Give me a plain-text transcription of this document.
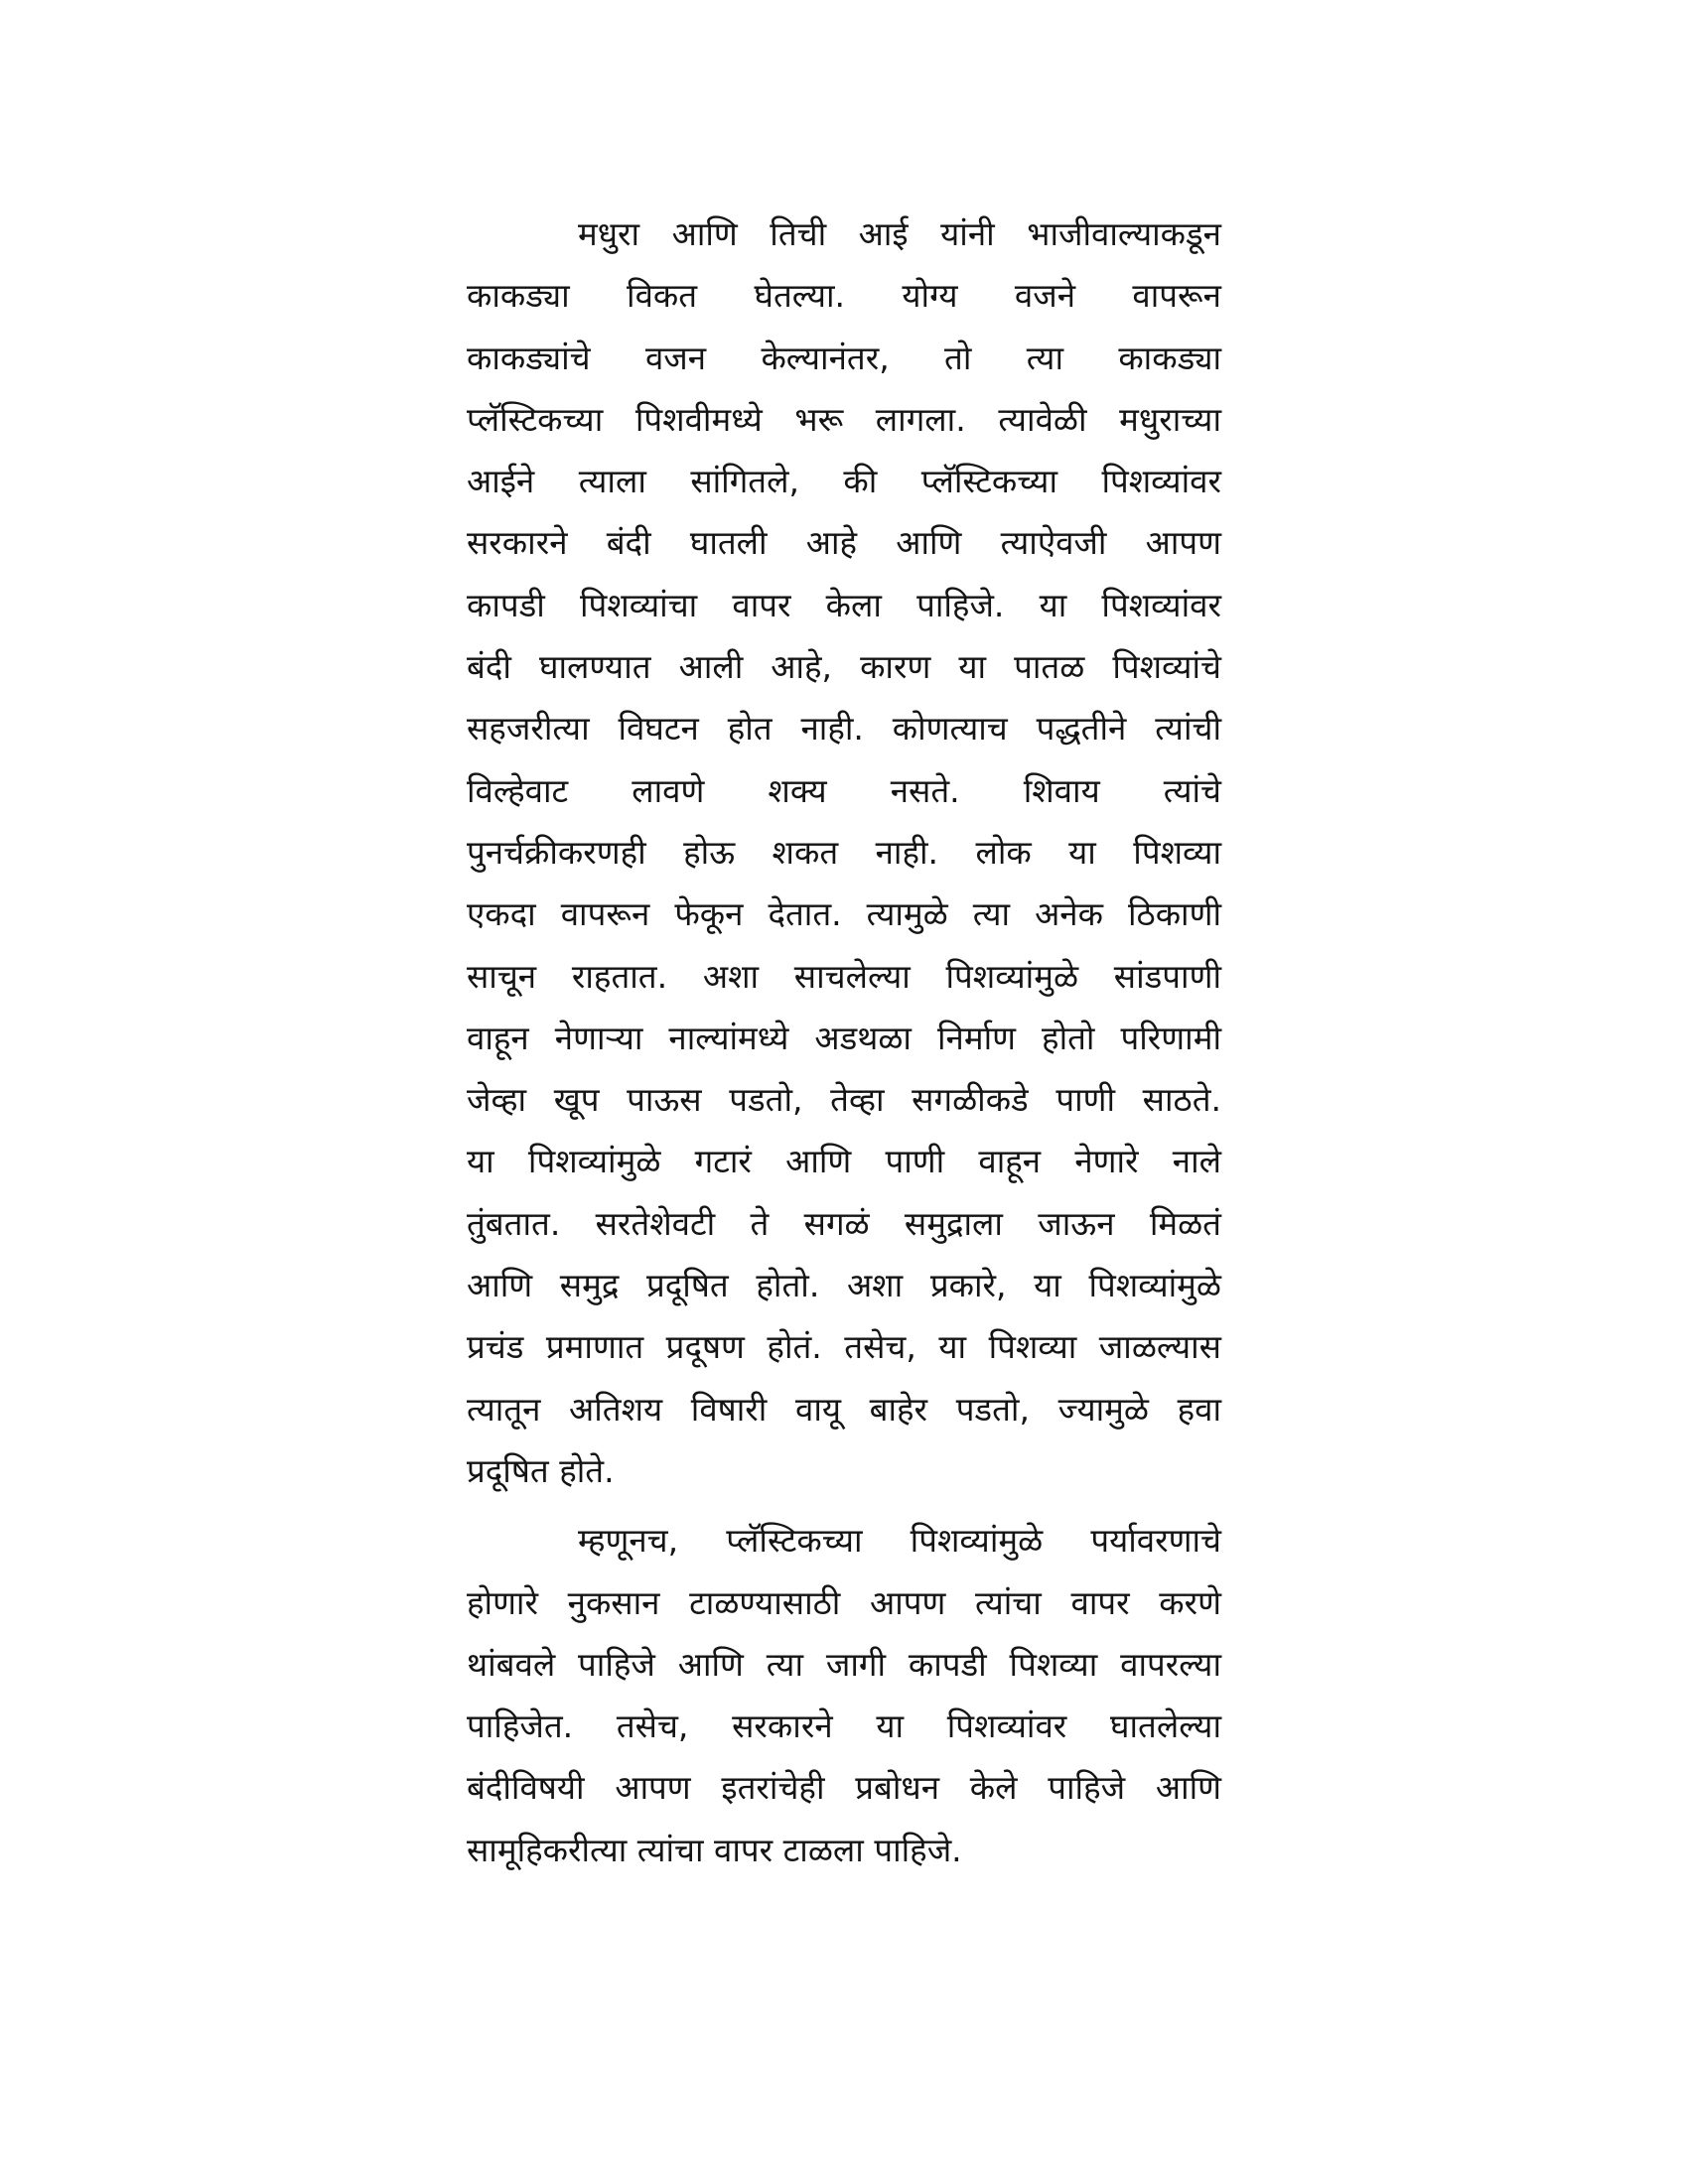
मधुरा आणि तिची आई यांनी भाजीवाल्याकडून
काकड्या विकत घेतल्या. योग्य वजने वापरून
काकड्यांचे वजन केल्यानंतर, तो त्या काकड्या
प्लॅस्टिकच्या पिशवीमध्ये भरू लागला. त्यावेळी मधुराच्या
आईने त्याला सांगितले, की प्लॅस्टिकच्या पिशव्यांवर
सरकारने बंदी घातली आहे आणि त्याऐवजी आपण
कापडी पिशव्यांचा वापर केला पाहिजे. या पिशव्यांवर
बंदी घालण्यात आली आहे, कारण या पातळ पिशव्यांचे
सहजरीत्या विघटन होत नाही. कोणत्याच पद्धतीने त्यांची
विल्हेवाट लावणे शक्य नसते. शिवाय त्यांचे
पुनर्चक्रीकरणही होऊ शकत नाही. लोक या पिशव्या
एकदा वापरून फेकून देतात. त्यामुळे त्या अनेक ठिकाणी
साचून राहतात. अशा साचलेल्या पिशव्यांमुळे सांडपाणी
वाहून नेणाऱ्या नाल्यांमध्ये अडथळा निर्माण होतो परिणामी
जेव्हा खूप पाऊस पडतो, तेव्हा सगळीकडे पाणी साठते.
या पिशव्यांमुळे गटारं आणि पाणी वाहून नेणारे नाले
तुंबतात. सरतेशेवटी ते सगळं समुद्राला जाऊन मिळतं
आणि समुद्र प्रदूषित होतो. अशा प्रकारे, या पिशव्यांमुळे
प्रचंड प्रमाणात प्रदूषण होतं. तसेच, या पिशव्या जाळल्यास
त्यातून अतिशय विषारी वायू बाहेर पडतो, ज्यामुळे हवा
प्रदूषित होते.

म्हणूनच, प्लॅस्टिकच्या पिशव्यांमुळे पर्यावरणाचे
होणारे नुकसान टाळण्यासाठी आपण त्यांचा वापर करणे
थांबवले पाहिजे आणि त्या जागी कापडी पिशव्या वापरल्या
पाहिजेत. तसेच, सरकारने या पिशव्यांवर घातलेल्या
बंदीविषयी आपण इतरांचेही प्रबोधन केले पाहिजे आणि
सामूहिकरीत्या त्यांचा वापर टाळला पाहिजे.
